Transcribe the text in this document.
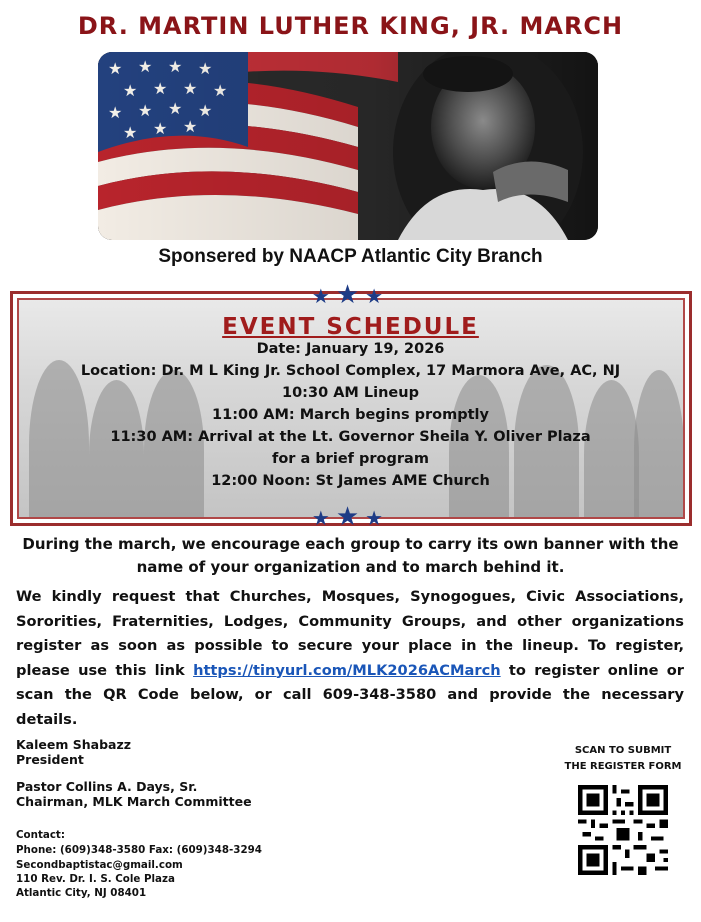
DR. MARTIN LUTHER KING, JR. MARCH
Sponsered by NAACP Atlantic City Branch
★★★
★★★
EVENT SCHEDULE
Date: January 19, 2026
Location: Dr. M L King Jr. School Complex, 17 Marmora Ave, AC, NJ
10:30 AM Lineup
11:00 AM: March begins promptly
11:30 AM: Arrival at the Lt. Governor Sheila Y. Oliver Plaza
for a brief program
12:00 Noon: St James AME Church
During the march, we encourage each group to carry its own banner with the name of your organization and to march behind it.
We kindly request that Churches, Mosques, Synogogues, Civic Associations, Sororities, Fraternities, Lodges, Community Groups, and other organizations register as soon as possible to secure your place in the lineup. To register, please use this link https://tinyurl.com/MLK2026ACMarch to register online or scan the QR Code below, or call 609-348-3580 and provide the necessary details.
Kaleem Shabazz
President
Pastor Collins A. Days, Sr.
Chairman, MLK March Committee
Contact:
Phone: (609)348-3580 Fax: (609)348-3294
Secondbaptistac@gmail.com
110 Rev. Dr. I. S. Cole Plaza
Atlantic City, NJ 08401
SCAN TO SUBMIT
THE REGISTER FORM
